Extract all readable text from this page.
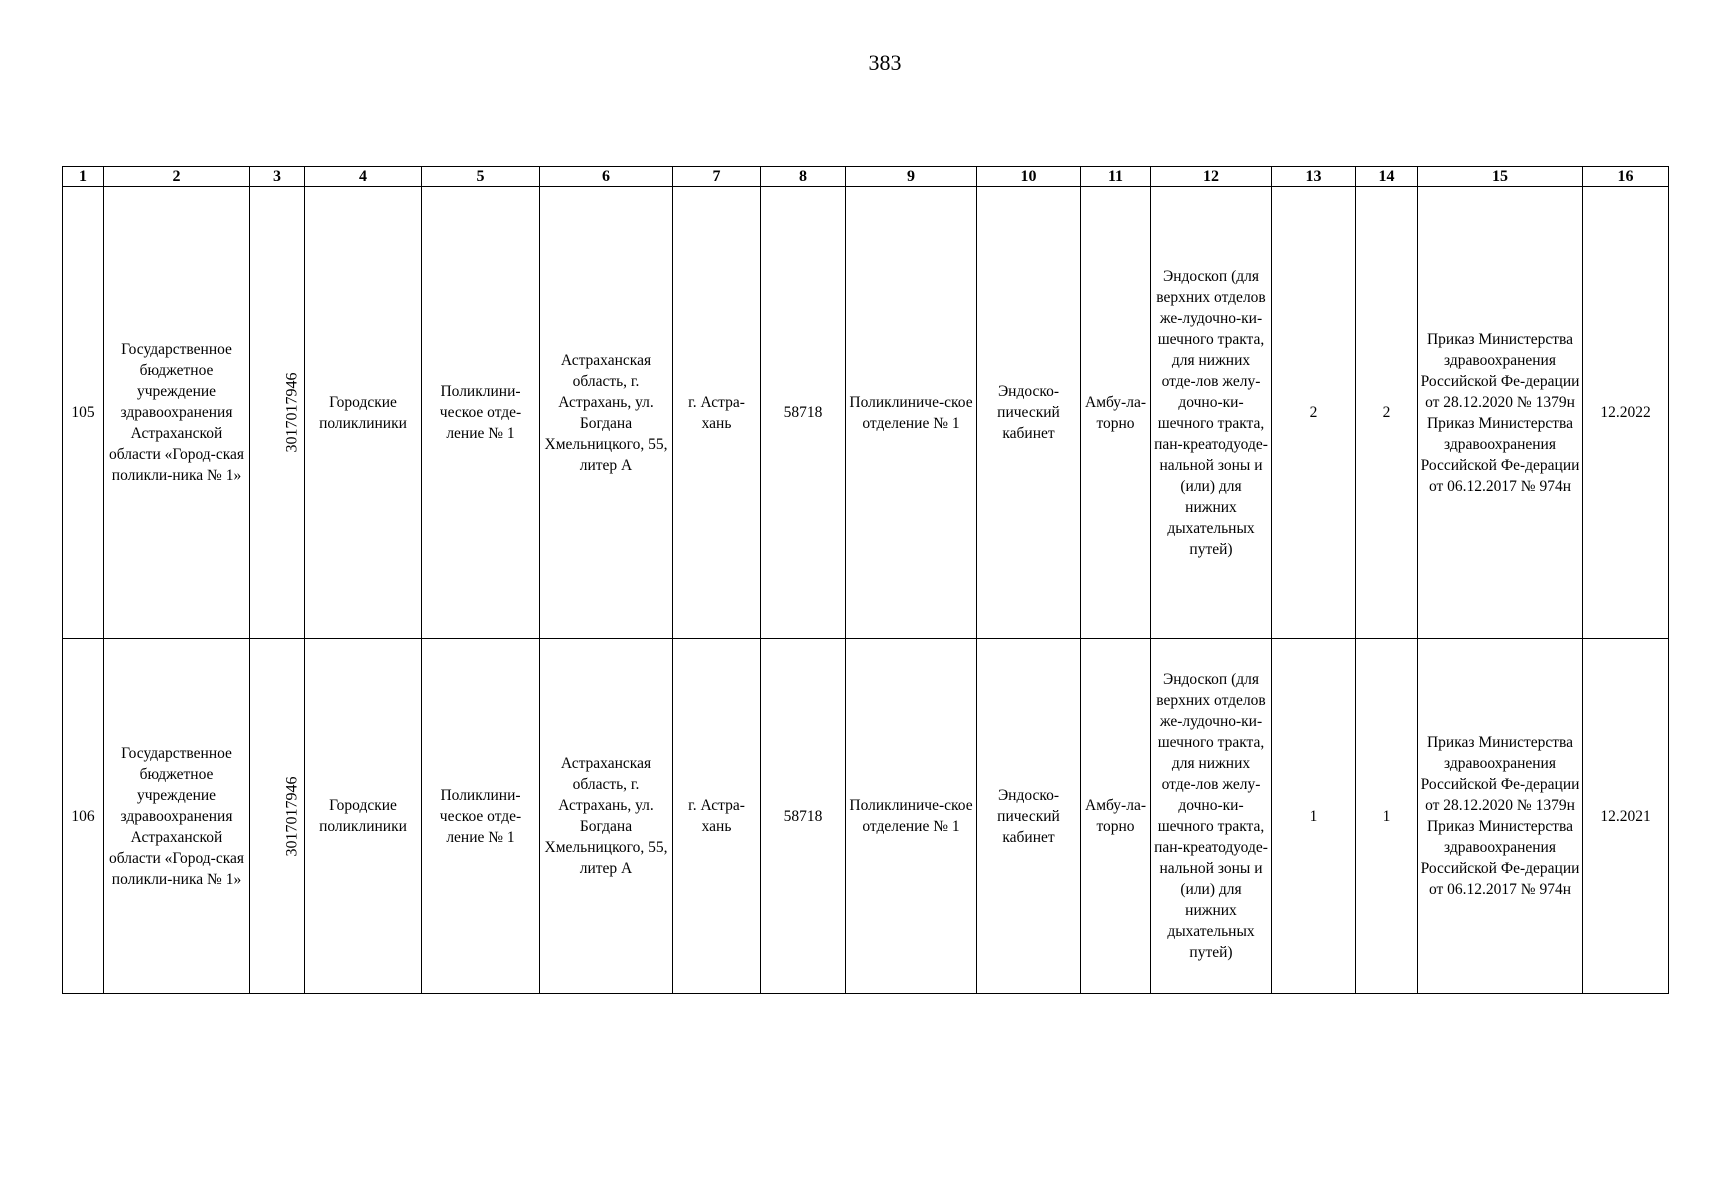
383
1	2	3	4	5	6	7	8	9	10	11	12	13	14	15	16
105	Государственное бюджетное учреждение здравоохранения Астраханской области «Город-ская поликли-ника № 1»	3017017946	Городские поликлиники	Поликлини-ческое отде-ление № 1	Астраханская область, г. Астрахань, ул. Богдана Хмельницкого, 55, литер А	г. Астра-хань	58718	Поликлиниче-ское отделение № 1	Эндоско-пический кабинет	Амбу-ла-торно	Эндоскоп (для верхних отделов же-лудочно-ки-шечного тракта, для нижних отде-лов желу-дочно-ки-шечного тракта, пан-креатодуоде-нальной зоны и (или) для нижних дыхательных путей)	2	2	Приказ Министерства здравоохранения Российской Фе-дерации от 28.12.2020 № 1379н Приказ Министерства здравоохранения Российской Фе-дерации от 06.12.2017 № 974н	12.2022
106	Государственное бюджетное учреждение здравоохранения Астраханской области «Город-ская поликли-ника № 1»	3017017946	Городские поликлиники	Поликлини-ческое отде-ление № 1	Астраханская область, г. Астрахань, ул. Богдана Хмельницкого, 55, литер А	г. Астра-хань	58718	Поликлиниче-ское отделение № 1	Эндоско-пический кабинет	Амбу-ла-торно	Эндоскоп (для верхних отделов же-лудочно-ки-шечного тракта, для нижних отде-лов желу-дочно-ки-шечного тракта, пан-креатодуоде-нальной зоны и (или) для нижних дыхательных путей)	1	1	Приказ Министерства здравоохранения Российской Фе-дерации от 28.12.2020 № 1379н Приказ Министерства здравоохранения Российской Фе-дерации от 06.12.2017 № 974н	12.2021
